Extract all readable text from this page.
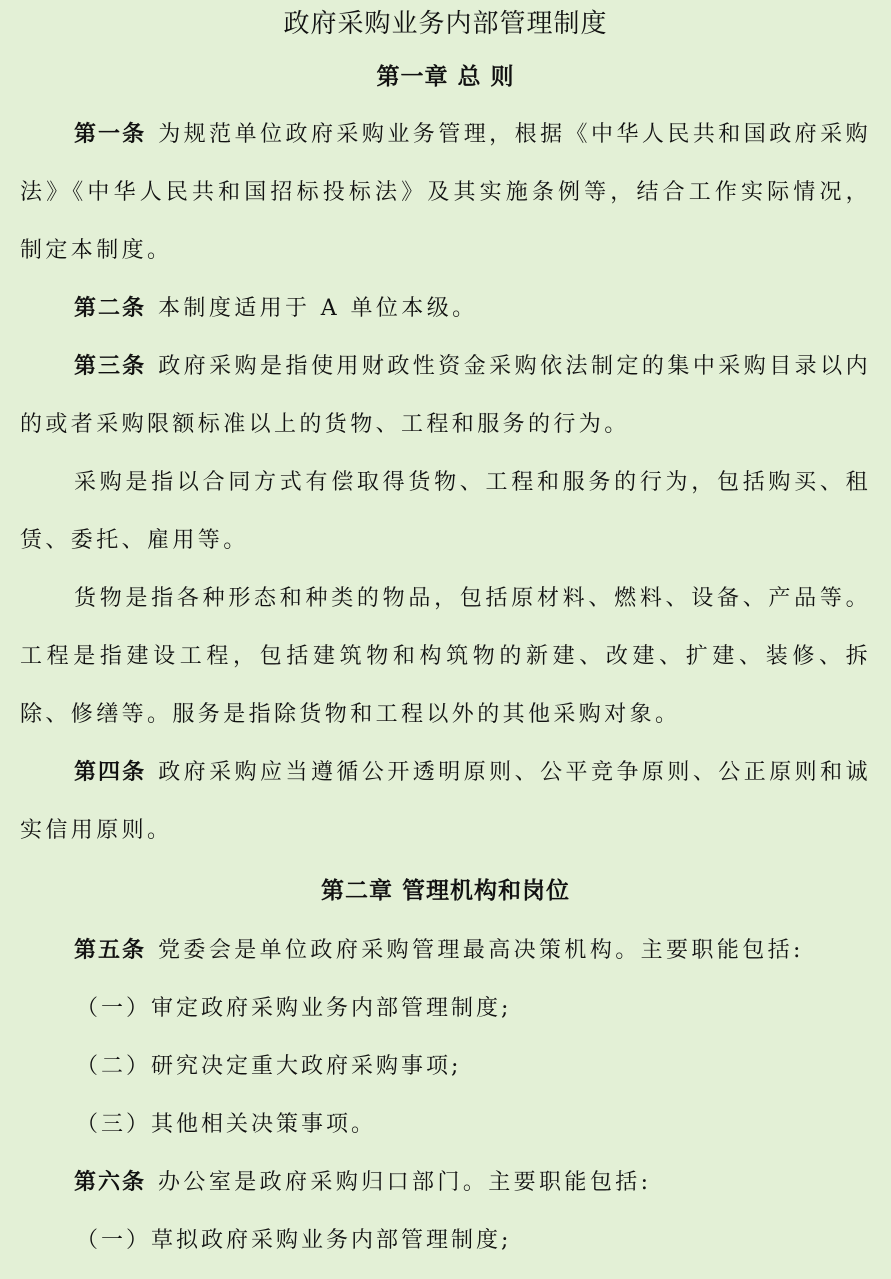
政府采购业务内部管理制度
第一章 总 则

第一条 为规范单位政府采购业务管理，根据《中华人民共和国政府采购法》《中华人民共和国招标投标法》及其实施条例等，结合工作实际情况，制定本制度。

第二条 本制度适用于 A 单位本级。

第三条 政府采购是指使用财政性资金采购依法制定的集中采购目录以内的或者采购限额标准以上的货物、工程和服务的行为。

采购是指以合同方式有偿取得货物、工程和服务的行为，包括购买、租赁、委托、雇用等。

货物是指各种形态和种类的物品，包括原材料、燃料、设备、产品等。工程是指建设工程，包括建筑物和构筑物的新建、改建、扩建、装修、拆除、修缮等。服务是指除货物和工程以外的其他采购对象。

第四条 政府采购应当遵循公开透明原则、公平竞争原则、公正原则和诚实信用原则。

第二章 管理机构和岗位

第五条 党委会是单位政府采购管理最高决策机构。主要职能包括:

（一）审定政府采购业务内部管理制度;

（二）研究决定重大政府采购事项;

（三）其他相关决策事项。

第六条 办公室是政府采购归口部门。主要职能包括:

（一）草拟政府采购业务内部管理制度;
